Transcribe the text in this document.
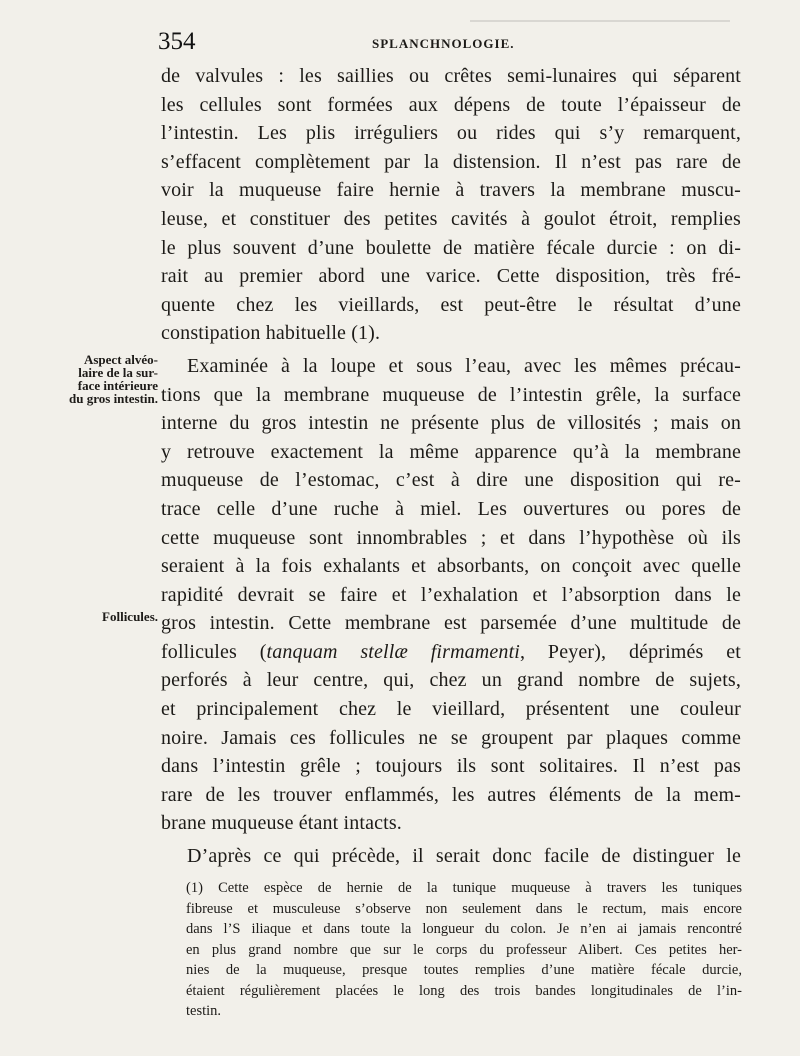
354	SPLANCHNOLOGIE.
Aspect alvéo-
laire de la sur-
face intérieure
du gros intestin.
Follicules.
de valvules : les saillies ou crêtes semi-lunaires qui séparent
les cellules sont formées aux dépens de toute l’épaisseur de
l’intestin. Les plis irréguliers ou rides qui s’y remarquent,
s’effacent complètement par la distension. Il n’est pas rare de
voir la muqueuse faire hernie à travers la membrane muscu-
leuse, et constituer des petites cavités à goulot étroit, remplies
le plus souvent d’une boulette de matière fécale durcie : on di-
rait au premier abord une varice. Cette disposition, très fré-
quente chez les vieillards, est peut-être le résultat d’une
constipation habituelle (1).
Examinée à la loupe et sous l’eau, avec les mêmes précau-
tions que la membrane muqueuse de l’intestin grêle, la surface
interne du gros intestin ne présente plus de villosités ; mais on
y retrouve exactement la même apparence qu’à la membrane
muqueuse de l’estomac, c’est à dire une disposition qui re-
trace celle d’une ruche à miel. Les ouvertures ou pores de
cette muqueuse sont innombrables ; et dans l’hypothèse où ils
seraient à la fois exhalants et absorbants, on conçoit avec quelle
rapidité devrait se faire et l’exhalation et l’absorption dans le
gros intestin. Cette membrane est parsemée d’une multitude de
follicules (tanquam stellæ firmamenti, Peyer), déprimés et
perforés à leur centre, qui, chez un grand nombre de sujets,
et principalement chez le vieillard, présentent une couleur
noire. Jamais ces follicules ne se groupent par plaques comme
dans l’intestin grêle ; toujours ils sont solitaires. Il n’est pas
rare de les trouver enflammés, les autres éléments de la mem-
brane muqueuse étant intacts.
D’après ce qui précède, il serait donc facile de distinguer le
(1) Cette espèce de hernie de la tunique muqueuse à travers les tuniques
fibreuse et musculeuse s’observe non seulement dans le rectum, mais encore
dans l’S iliaque et dans toute la longueur du colon. Je n’en ai jamais rencontré
en plus grand nombre que sur le corps du professeur Alibert. Ces petites her-
nies de la muqueuse, presque toutes remplies d’une matière fécale durcie,
étaient régulièrement placées le long des trois bandes longitudinales de l’in-
testin.
